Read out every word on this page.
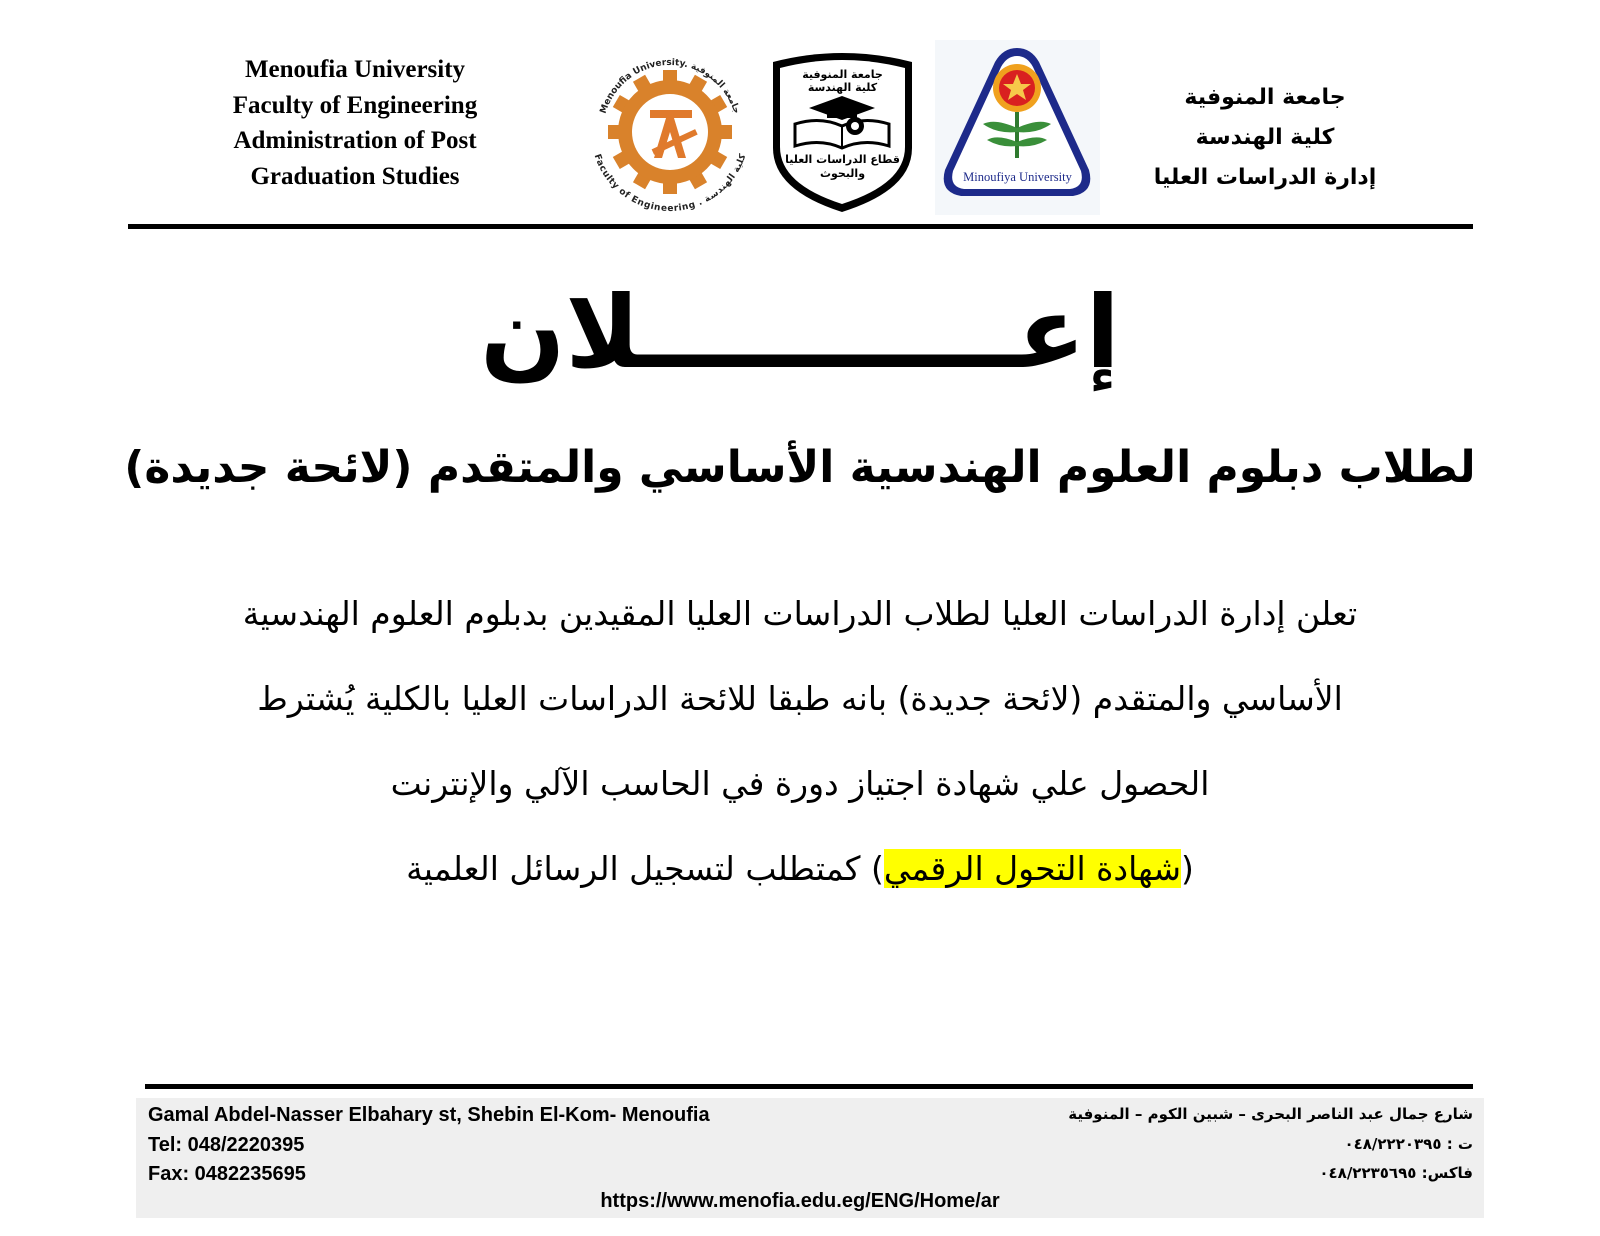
Menoufia University
Faculty of Engineering
Administration of Post
Graduation Studies
Menoufia University. جامعة المنوفية
Faculty of Engineering . كلية الهندسة
جامعة المنوفية
كلية الهندسة
قطاع الدراسات العليا
والبحوث	Minoufiya University
جامعة المنوفية
كلية الهندسة
إدارة الدراسات العليا
إعـــــــــــلان
لطلاب دبلوم العلوم الهندسية الأساسي والمتقدم (لائحة جديدة)
تعلن إدارة الدراسات العليا لطلاب الدراسات العليا المقيدين بدبلوم العلوم الهندسية
الأساسي والمتقدم (لائحة جديدة) بانه طبقا للائحة الدراسات العليا بالكلية يُشترط
الحصول علي شهادة اجتياز دورة في الحاسب الآلي والإنترنت
(شهادة التحول الرقمي) كمتطلب لتسجيل الرسائل العلمية
Gamal Abdel-Nasser Elbahary st, Shebin El-Kom- Menoufia
Tel: 048/2220395
Fax: 0482235695
شارع جمال عبد الناصر البحرى – شبين الكوم – المنوفية
ت : ٠٤٨/٢٢٢٠٣٩٥
فاكس: ٠٤٨/٢٢٣٥٦٩٥
https://www.menofia.edu.eg/ENG/Home/ar
